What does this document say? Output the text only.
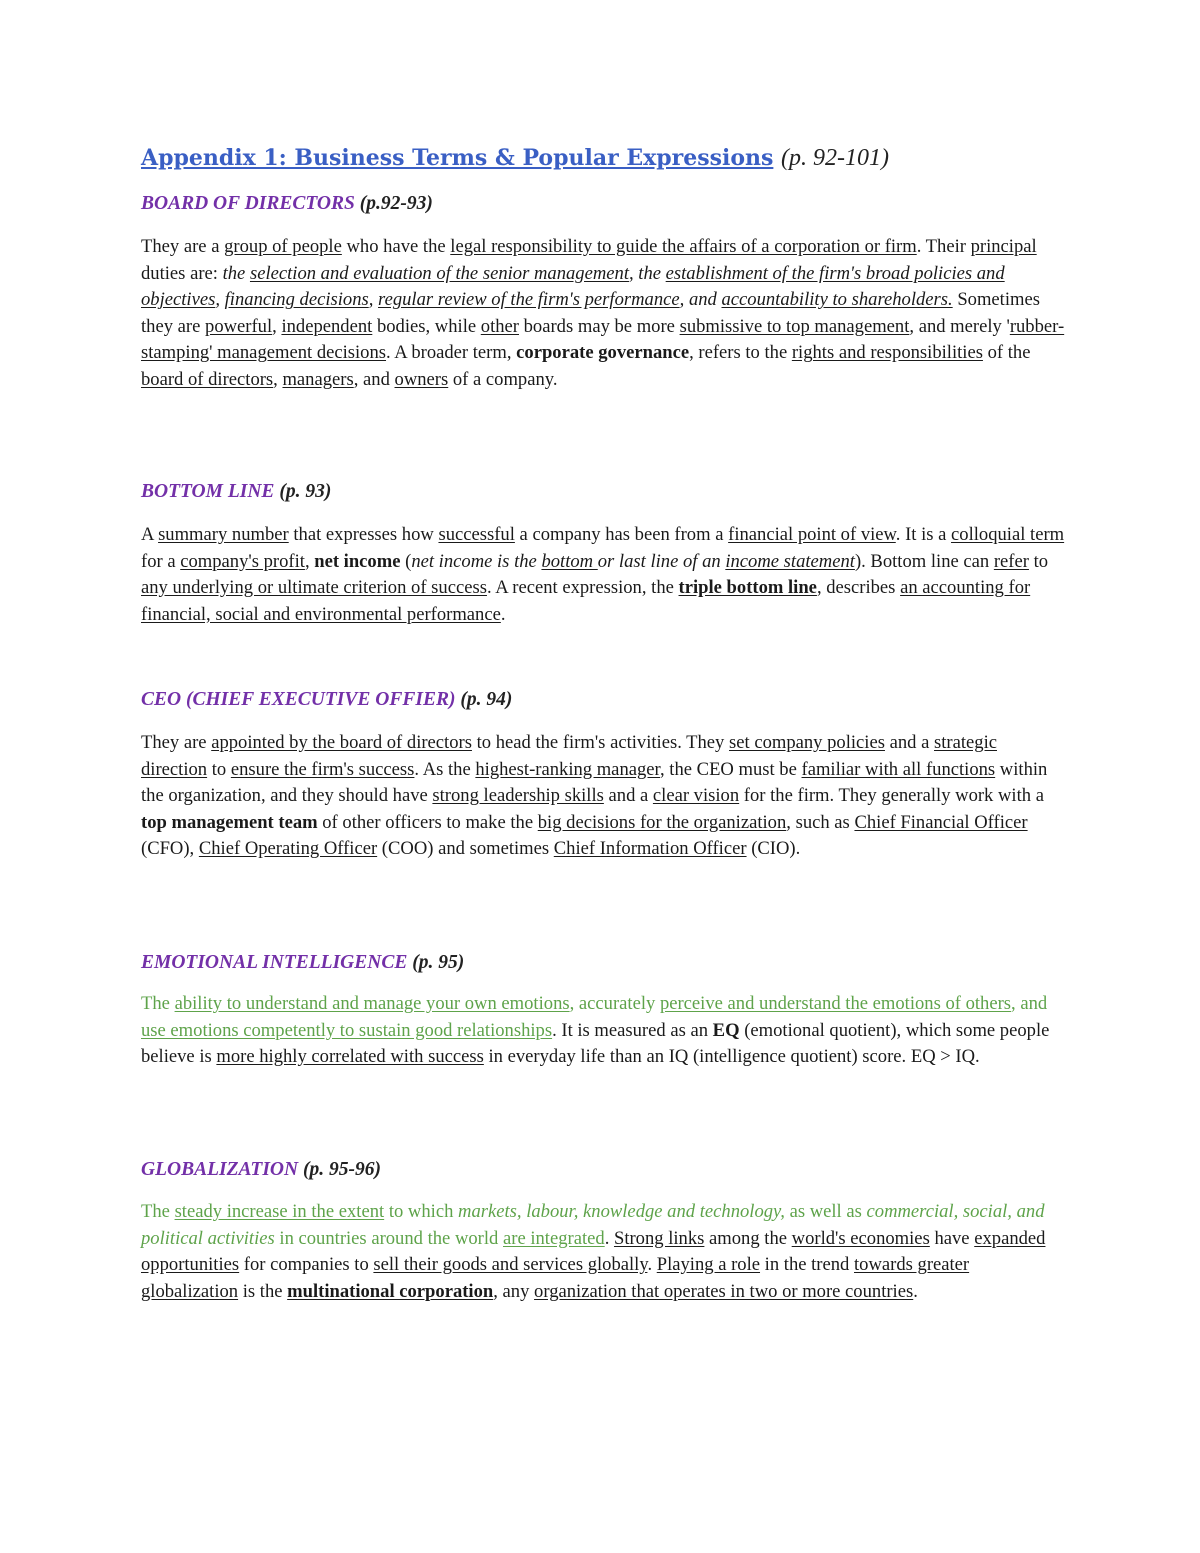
Appendix 1: Business Terms & Popular Expressions (p. 92-101)
BOARD OF DIRECTORS (p.92-93)

They are a group of people who have the legal responsibility to guide the affairs of a corporation or firm. Their principal duties are: the selection and evaluation of the senior management, the establishment of the firm's broad policies and objectives, financing decisions, regular review of the firm's performance, and accountability to shareholders. Sometimes they are powerful, independent bodies, while other boards may be more submissive to top management, and merely 'rubber-stamping' management decisions. A broader term, corporate governance, refers to the rights and responsibilities of the board of directors, managers, and owners of a company.

BOTTOM LINE (p. 93)

A summary number that expresses how successful a company has been from a financial point of view. It is a colloquial term for a company's profit, net income (net income is the bottom or last line of an income statement). Bottom line can refer to any underlying or ultimate criterion of success. A recent expression, the triple bottom line, describes an accounting for financial, social and environmental performance.

CEO (CHIEF EXECUTIVE OFFIER) (p. 94)

They are appointed by the board of directors to head the firm's activities. They set company policies and a strategic direction to ensure the firm's success. As the highest-ranking manager, the CEO must be familiar with all functions within the organization, and they should have strong leadership skills and a clear vision for the firm. They generally work with a top management team of other officers to make the big decisions for the organization, such as Chief Financial Officer (CFO), Chief Operating Officer (COO) and sometimes Chief Information Officer (CIO).

EMOTIONAL INTELLIGENCE (p. 95)

The ability to understand and manage your own emotions, accurately perceive and understand the emotions of others, and use emotions competently to sustain good relationships. It is measured as an EQ (emotional quotient), which some people believe is more highly correlated with success in everyday life than an IQ (intelligence quotient) score. EQ > IQ.

GLOBALIZATION (p. 95-96)

The steady increase in the extent to which markets, labour, knowledge and technology, as well as commercial, social, and political activities in countries around the world are integrated. Strong links among the world's economies have expanded opportunities for companies to sell their goods and services globally. Playing a role in the trend towards greater globalization is the multinational corporation, any organization that operates in two or more countries.
